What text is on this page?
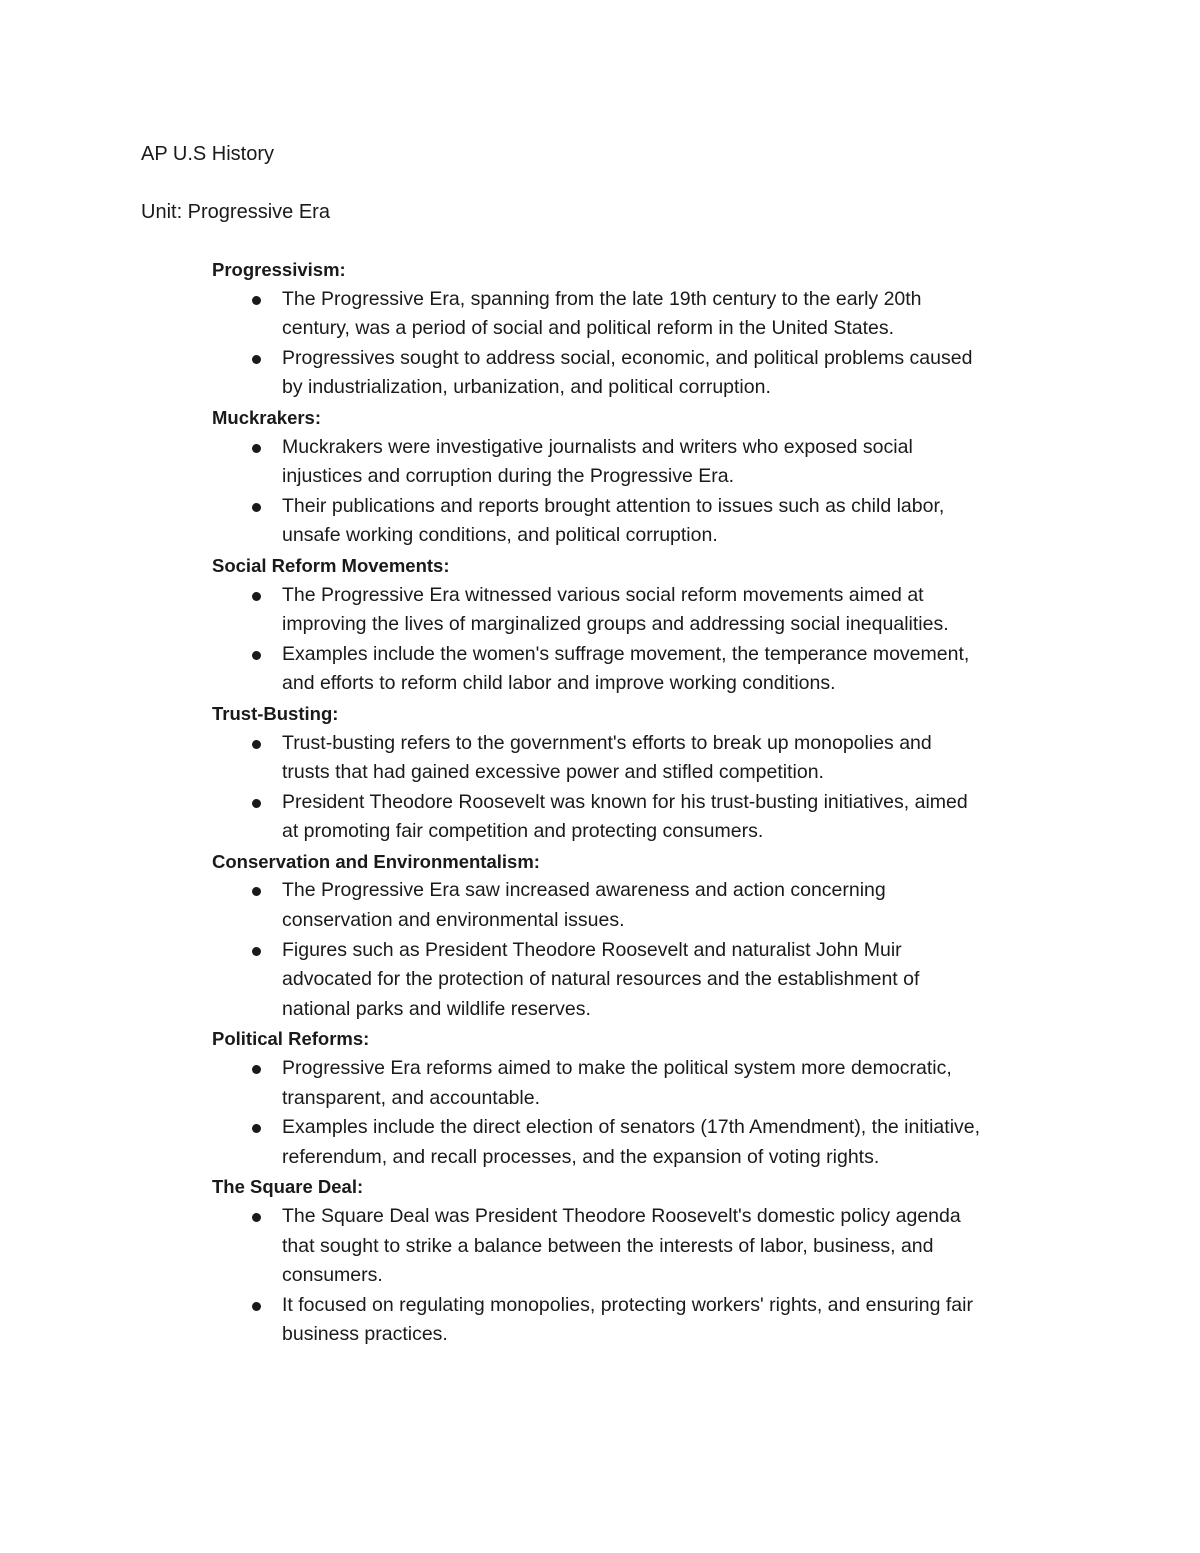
AP U.S History
Unit: Progressive Era
Progressivism:
The Progressive Era, spanning from the late 19th century to the early 20th
century, was a period of social and political reform in the United States.
Progressives sought to address social, economic, and political problems caused
by industrialization, urbanization, and political corruption.
Muckrakers:
Muckrakers were investigative journalists and writers who exposed social
injustices and corruption during the Progressive Era.
Their publications and reports brought attention to issues such as child labor,
unsafe working conditions, and political corruption.
Social Reform Movements:
The Progressive Era witnessed various social reform movements aimed at
improving the lives of marginalized groups and addressing social inequalities.
Examples include the women's suffrage movement, the temperance movement,
and efforts to reform child labor and improve working conditions.
Trust-Busting:
Trust-busting refers to the government's efforts to break up monopolies and
trusts that had gained excessive power and stifled competition.
President Theodore Roosevelt was known for his trust-busting initiatives, aimed
at promoting fair competition and protecting consumers.
Conservation and Environmentalism:
The Progressive Era saw increased awareness and action concerning
conservation and environmental issues.
Figures such as President Theodore Roosevelt and naturalist John Muir
advocated for the protection of natural resources and the establishment of
national parks and wildlife reserves.
Political Reforms:
Progressive Era reforms aimed to make the political system more democratic,
transparent, and accountable.
Examples include the direct election of senators (17th Amendment), the initiative,
referendum, and recall processes, and the expansion of voting rights.
The Square Deal:
The Square Deal was President Theodore Roosevelt's domestic policy agenda
that sought to strike a balance between the interests of labor, business, and
consumers.
It focused on regulating monopolies, protecting workers' rights, and ensuring fair
business practices.
